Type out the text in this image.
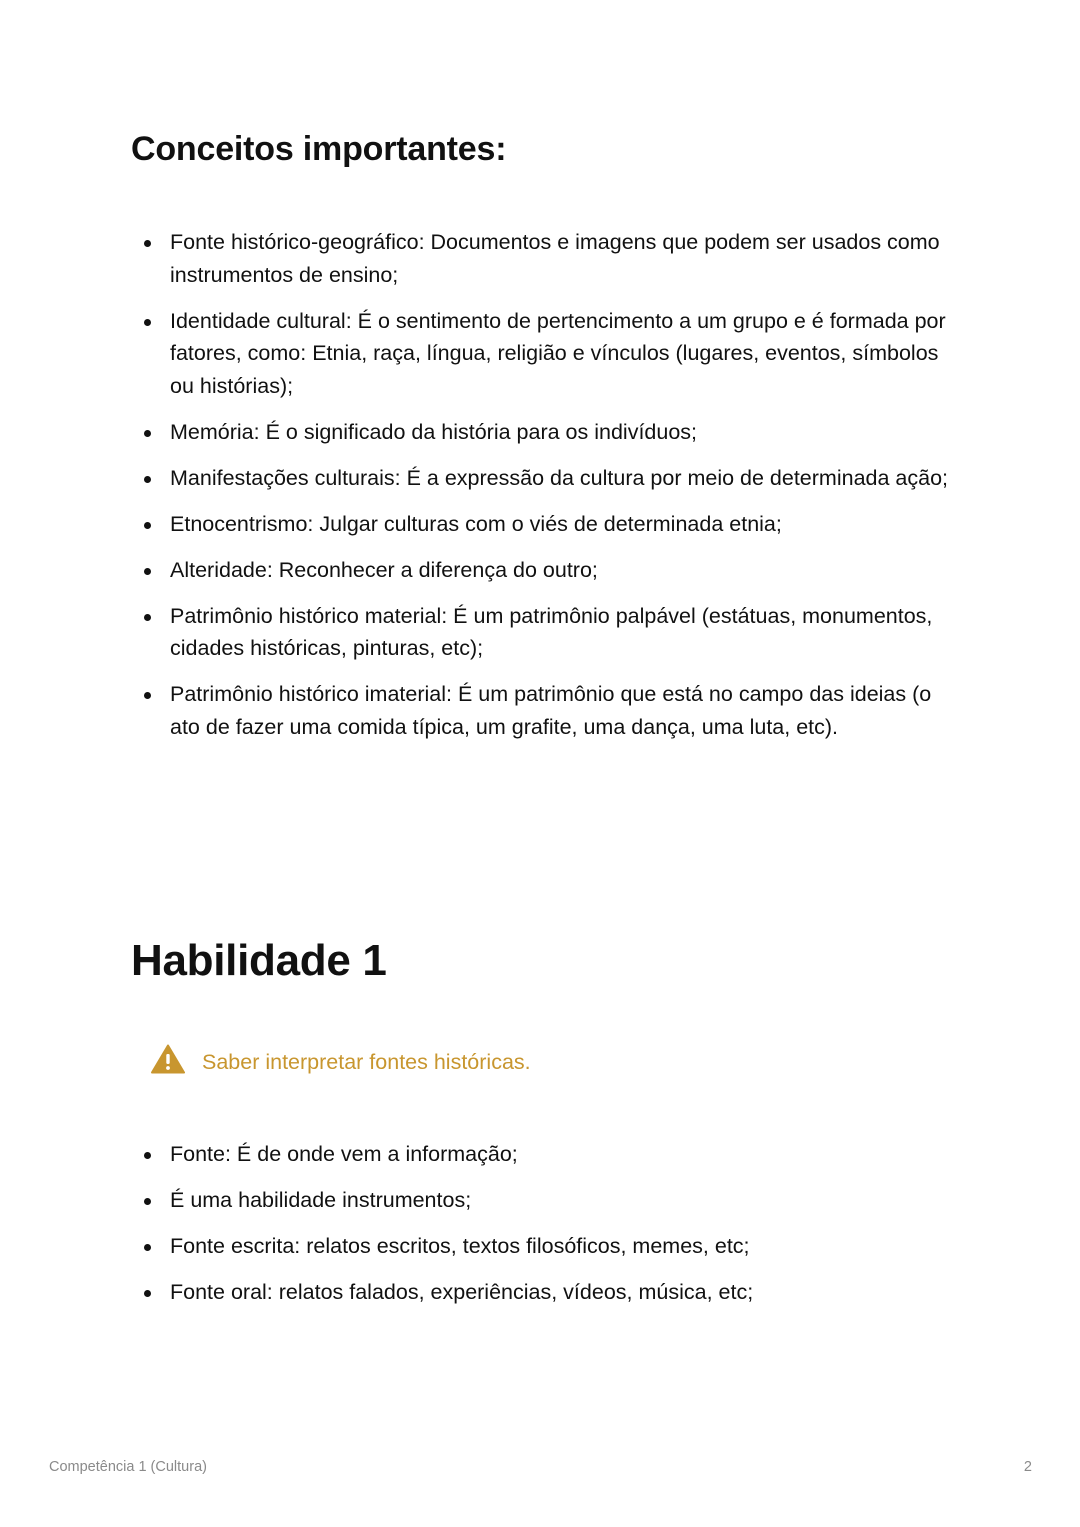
Conceitos importantes:
Fonte histórico-geográfico: Documentos e imagens que podem ser usados como instrumentos de ensino;
Identidade cultural: É o sentimento de pertencimento a um grupo e é formada por fatores, como: Etnia, raça, língua, religião e vínculos (lugares, eventos, símbolos ou histórias);
Memória: É o significado da história para os indivíduos;
Manifestações culturais: É a expressão da cultura por meio de determinada ação;
Etnocentrismo: Julgar culturas com o viés de determinada etnia;
Alteridade: Reconhecer a diferença do outro;
Patrimônio histórico material: É um patrimônio palpável (estátuas, monumentos, cidades históricas, pinturas, etc);
Patrimônio histórico imaterial: É um patrimônio que está no campo das ideias (o ato de fazer uma comida típica, um grafite, uma dança, uma luta, etc).
Habilidade 1
Saber interpretar fontes históricas.
Fonte: É de onde vem a informação;
É uma habilidade instrumentos;
Fonte escrita: relatos escritos, textos filosóficos, memes, etc;
Fonte oral: relatos falados, experiências, vídeos, música, etc;
Competência 1 (Cultura)	2
